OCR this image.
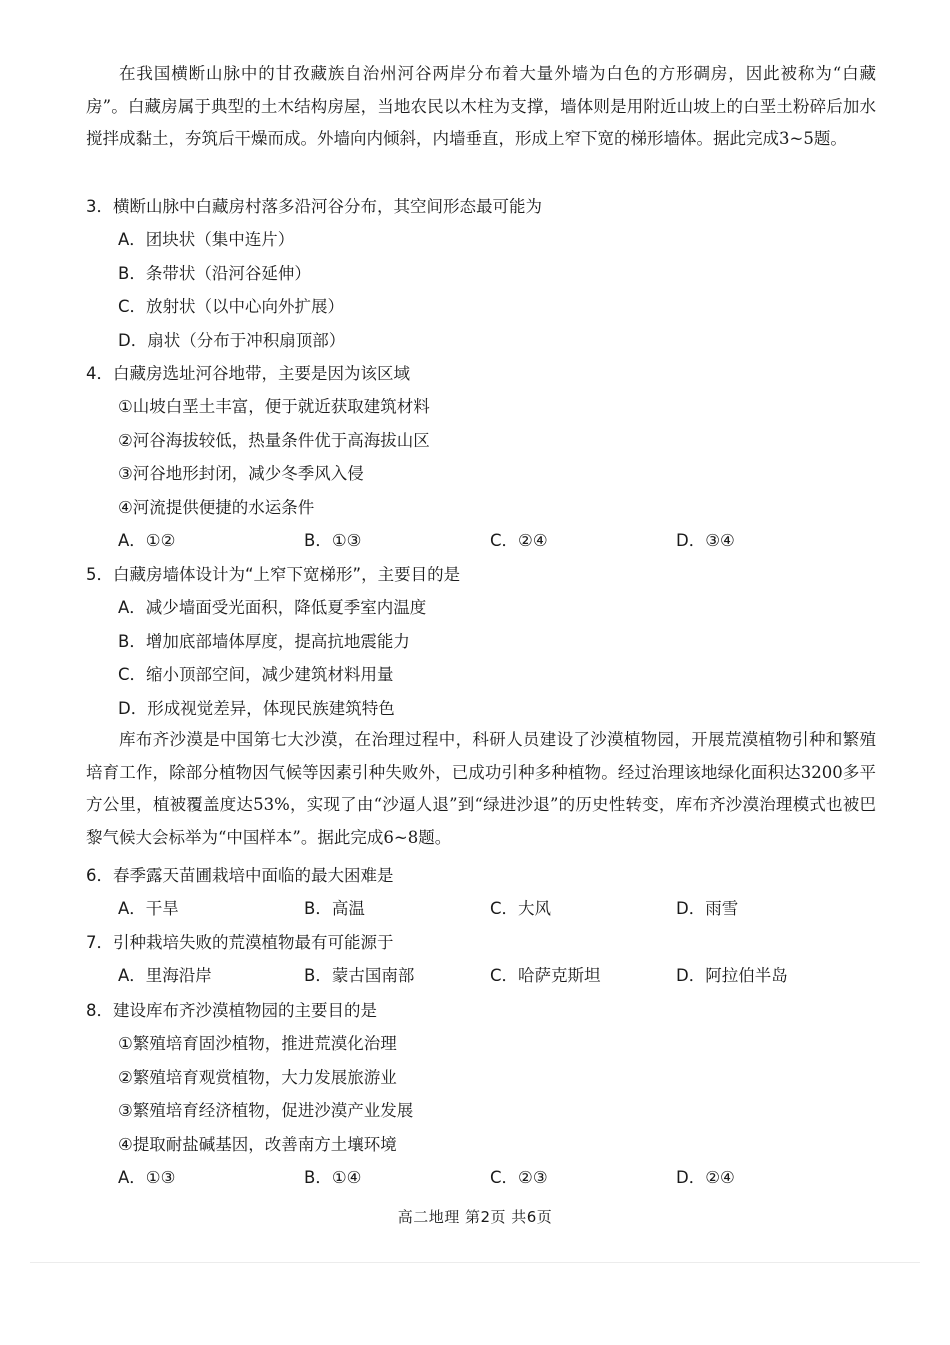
在我国横断山脉中的甘孜藏族自治州河谷两岸分布着大量外墙为白色的方形碉房，因此被称为“白藏房”。白藏房属于典型的土木结构房屋，当地农民以木柱为支撑，墙体则是用附近山坡上的白垩土粉碎后加水搅拌成黏土，夯筑后干燥而成。外墙向内倾斜，内墙垂直，形成上窄下宽的梯形墙体。据此完成3~5题。

3．横断山脉中白藏房村落多沿河谷分布，其空间形态最可能为
A．团块状（集中连片）
B．条带状（沿河谷延伸）
C．放射状（以中心向外扩展）
D．扇状（分布于冲积扇顶部）
4．白藏房选址河谷地带，主要是因为该区域
①山坡白垩土丰富，便于就近获取建筑材料
②河谷海拔较低，热量条件优于高海拔山区
③河谷地形封闭，减少冬季风入侵
④河流提供便捷的水运条件
A．①②	B．①③	C．②④	D．③④
5．白藏房墙体设计为“上窄下宽梯形”，主要目的是
A．减少墙面受光面积，降低夏季室内温度
B．增加底部墙体厚度，提高抗地震能力
C．缩小顶部空间，减少建筑材料用量
D．形成视觉差异，体现民族建筑特色

库布齐沙漠是中国第七大沙漠，在治理过程中，科研人员建设了沙漠植物园，开展荒漠植物引种和繁殖培育工作，除部分植物因气候等因素引种失败外，已成功引种多种植物。经过治理该地绿化面积达3200多平方公里，植被覆盖度达53%，实现了由“沙逼人退”到“绿进沙退”的历史性转变，库布齐沙漠治理模式也被巴黎气候大会标举为“中国样本”。据此完成6~8题。

6．春季露天苗圃栽培中面临的最大困难是
A．干旱	B．高温	C．大风	D．雨雪
7．引种栽培失败的荒漠植物最有可能源于
A．里海沿岸	B．蒙古国南部	C．哈萨克斯坦	D．阿拉伯半岛
8．建设库布齐沙漠植物园的主要目的是
①繁殖培育固沙植物，推进荒漠化治理
②繁殖培育观赏植物，大力发展旅游业
③繁殖培育经济植物，促进沙漠产业发展
④提取耐盐碱基因，改善南方土壤环境
A．①③	B．①④	C．②③	D．②④
高二地理 第2页 共6页
